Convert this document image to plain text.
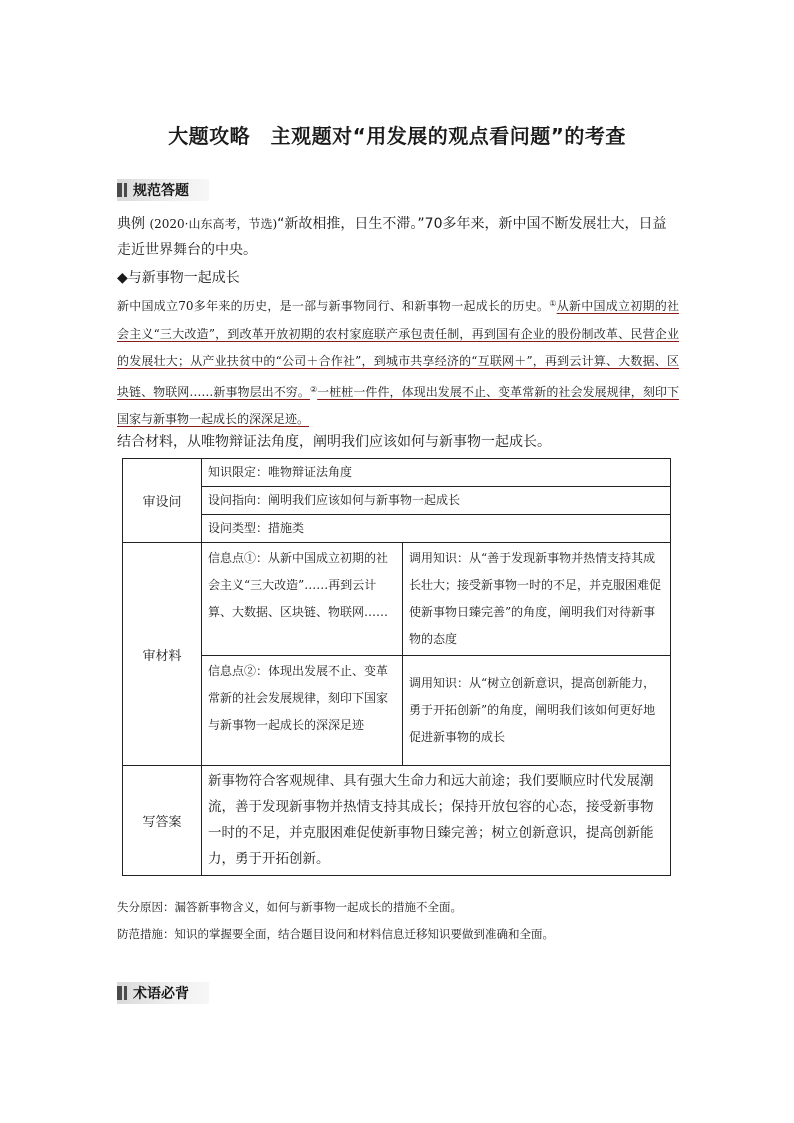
大题攻略　主观题对“用发展的观点看问题”的考查
规范答题
典例 (2020·山东高考，节选)“新故相推，日生不滞。”70多年来，新中国不断发展壮大，日益走近世界舞台的中央。
◆与新事物一起成长
新中国成立70多年来的历史，是一部与新事物同行、和新事物一起成长的历史。①从新中国成立初期的社会主义“三大改造”，到改革开放初期的农村家庭联产承包责任制，再到国有企业的股份制改革、民营企业的发展壮大；从产业扶贫中的“公司＋合作社”，到城市共享经济的“互联网＋”，再到云计算、大数据、区块链、物联网……新事物层出不穷。②一桩桩一件件，体现出发展不止、变革常新的社会发展规律，刻印下国家与新事物一起成长的深深足迹。
结合材料，从唯物辩证法角度，阐明我们应该如何与新事物一起成长。
审设问	知识限定：唯物辩证法角度	
	设问指向：阐明我们应该如何与新事物一起成长	
	设问类型：措施类	
审材料	信息点①：从新中国成立初期的社会主义“三大改造”……再到云计算、大数据、区块链、物联网……	调用知识：从“善于发现新事物并热情支持其成长壮大；接受新事物一时的不足，并克服困难促使新事物日臻完善”的角度，阐明我们对待新事物的态度
	信息点②：体现出发展不止、变革常新的社会发展规律，刻印下国家与新事物一起成长的深深足迹	调用知识：从“树立创新意识，提高创新能力，勇于开拓创新”的角度，阐明我们该如何更好地促进新事物的成长
写答案	新事物符合客观规律、具有强大生命力和远大前途；我们要顺应时代发展潮流，善于发现新事物并热情支持其成长；保持开放包容的心态，接受新事物一时的不足，并克服困难促使新事物日臻完善；树立创新意识，提高创新能力，勇于开拓创新。	
失分原因：漏答新事物含义，如何与新事物一起成长的措施不全面。
防范措施：知识的掌握要全面，结合题目设问和材料信息迁移知识要做到准确和全面。
术语必背
